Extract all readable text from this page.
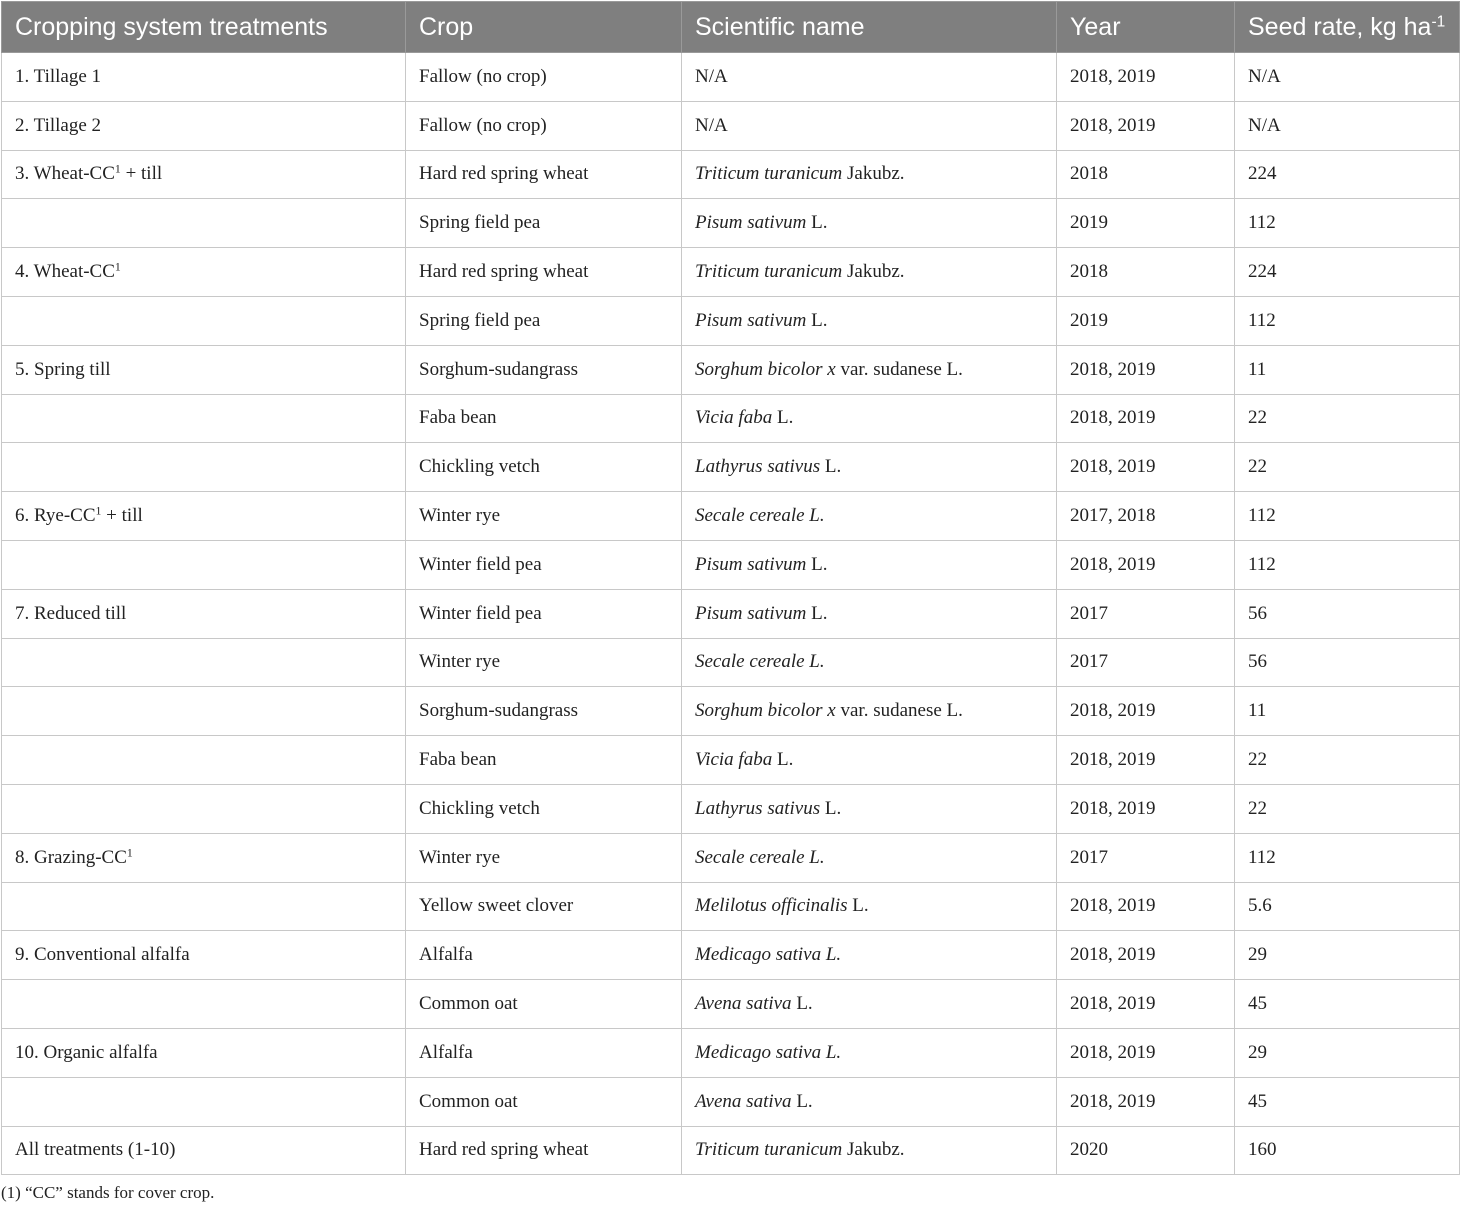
Cropping system treatments	Crop	Scientific name	Year	Seed rate, kg $ha^{-1}$
1. Tillage 1	Fallow (no crop)	N/A	2018, 2019	N/A
2. Tillage 2	Fallow (no crop)	N/A	2018, 2019	N/A
3. Wheat-$CC^1$ + till	Hard red spring wheat	Triticum turanicum Jakubz.	2018	224
	Spring field pea	Pisum sativum L.	2019	112
4. Wheat-$CC^1$	Hard red spring wheat	Triticum turanicum Jakubz.	2018	224
	Spring field pea	Pisum sativum L.	2019	112
5. Spring till	Sorghum-sudangrass	Sorghum bicolor x var. sudanese L.	2018, 2019	11
	Faba bean	Vicia faba L.	2018, 2019	22
	Chickling vetch	Lathyrus sativus L.	2018, 2019	22
6. Rye-$CC^1$ + till	Winter rye	Secale cereale L.	2017, 2018	112
	Winter field pea	Pisum sativum L.	2018, 2019	112
7. Reduced till	Winter field pea	Pisum sativum L.	2017	56
	Winter rye	Secale cereale L.	2017	56
	Sorghum-sudangrass	Sorghum bicolor x var. sudanese L.	2018, 2019	11
	Faba bean	Vicia faba L.	2018, 2019	22
	Chickling vetch	Lathyrus sativus L.	2018, 2019	22
8. Grazing-$CC^1$	Winter rye	Secale cereale L.	2017	112
	Yellow sweet clover	Melilotus officinalis L.	2018, 2019	5.6
9. Conventional alfalfa	Alfalfa	Medicago sativa L.	2018, 2019	29
	Common oat	Avena sativa L.	2018, 2019	45
10. Organic alfalfa	Alfalfa	Medicago sativa L.	2018, 2019	29
	Common oat	Avena sativa L.	2018, 2019	45
All treatments (1-10)	Hard red spring wheat	Triticum turanicum Jakubz.	2020	160
(1) “CC” stands for cover crop.
